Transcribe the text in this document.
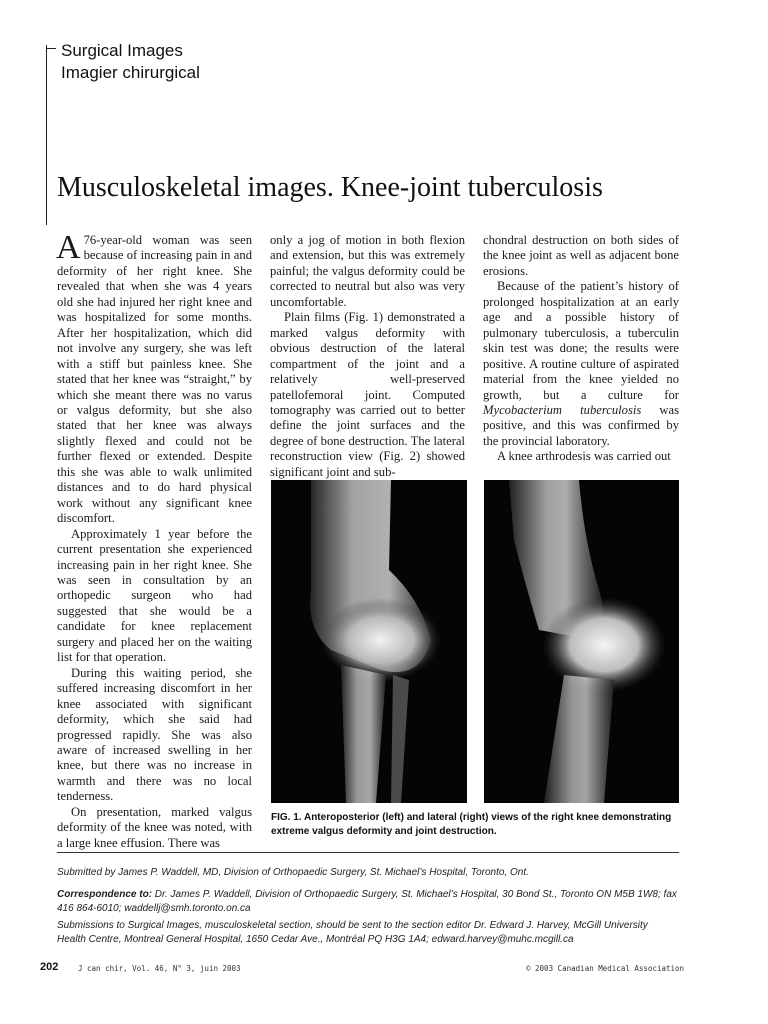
Surgical Images
Imagier chirurgical
Musculoskeletal images. Knee-joint tuberculosis

A 76-year-old woman was seen because of increasing pain in and deformity of her right knee. She revealed that when she was 4 years old she had injured her right knee and was hospitalized for some months. After her hospitalization, which did not involve any surgery, she was left with a stiff but painless knee. She stated that her knee was “straight,” by which she meant there was no varus or valgus deformity, but she also stated that her knee was always slightly flexed and could not be further flexed or extended. Despite this she was able to walk unlimited distances and to do hard physical work without any significant knee discomfort.

Approximately 1 year before the current presentation she experienced increasing pain in her right knee. She was seen in consultation by an orthopedic surgeon who had suggested that she would be a candidate for knee replacement surgery and placed her on the waiting list for that operation.

During this waiting period, she suffered increasing discomfort in her knee associated with significant deformity, which she said had progressed rapidly. She was also aware of increased swelling in her knee, but there was no increase in warmth and there was no local tenderness.

On presentation, marked valgus deformity of the knee was noted, with a large knee effusion. There was

only a jog of motion in both flexion and extension, but this was extremely painful; the valgus deformity could be corrected to neutral but also was very uncomfortable.

Plain films (Fig. 1) demonstrated a marked valgus deformity with obvious destruction of the lateral compartment of the joint and a relatively well-preserved patellofemoral joint. Computed tomography was carried out to better define the joint surfaces and the degree of bone destruction. The lateral reconstruction view (Fig. 2) showed significant joint and sub-

chondral destruction on both sides of the knee joint as well as adjacent bone erosions.

Because of the patient’s history of prolonged hospitalization at an early age and a possible history of pulmonary tuberculosis, a tuberculin skin test was done; the results were positive. A routine culture of aspirated material from the knee yielded no growth, but a culture for Mycobacterium tuberculosis was positive, and this was confirmed by the provincial laboratory.

A knee arthrodesis was carried out

FIG. 1. Anteroposterior (left) and lateral (right) views of the right knee demonstrating extreme valgus deformity and joint destruction.
Submitted by James P. Waddell, MD, Division of Orthopaedic Surgery, St. Michael’s Hospital, Toronto, Ont.
Correspondence to: Dr. James P. Waddell, Division of Orthopaedic Surgery, St. Michael’s Hospital, 30 Bond St., Toronto ON M5B 1W8; fax 416 864-6010; waddellj@smh.toronto.on.ca
Submissions to Surgical Images, musculoskeletal section, should be sent to the section editor Dr. Edward J. Harvey, McGill University Health Centre, Montreal General Hospital, 1650 Cedar Ave., Montréal PQ H3G 1A4; edward.harvey@muhc.mcgill.ca
202	J can chir, Vol. 46, N° 3, juin 2003	© 2003 Canadian Medical Association
